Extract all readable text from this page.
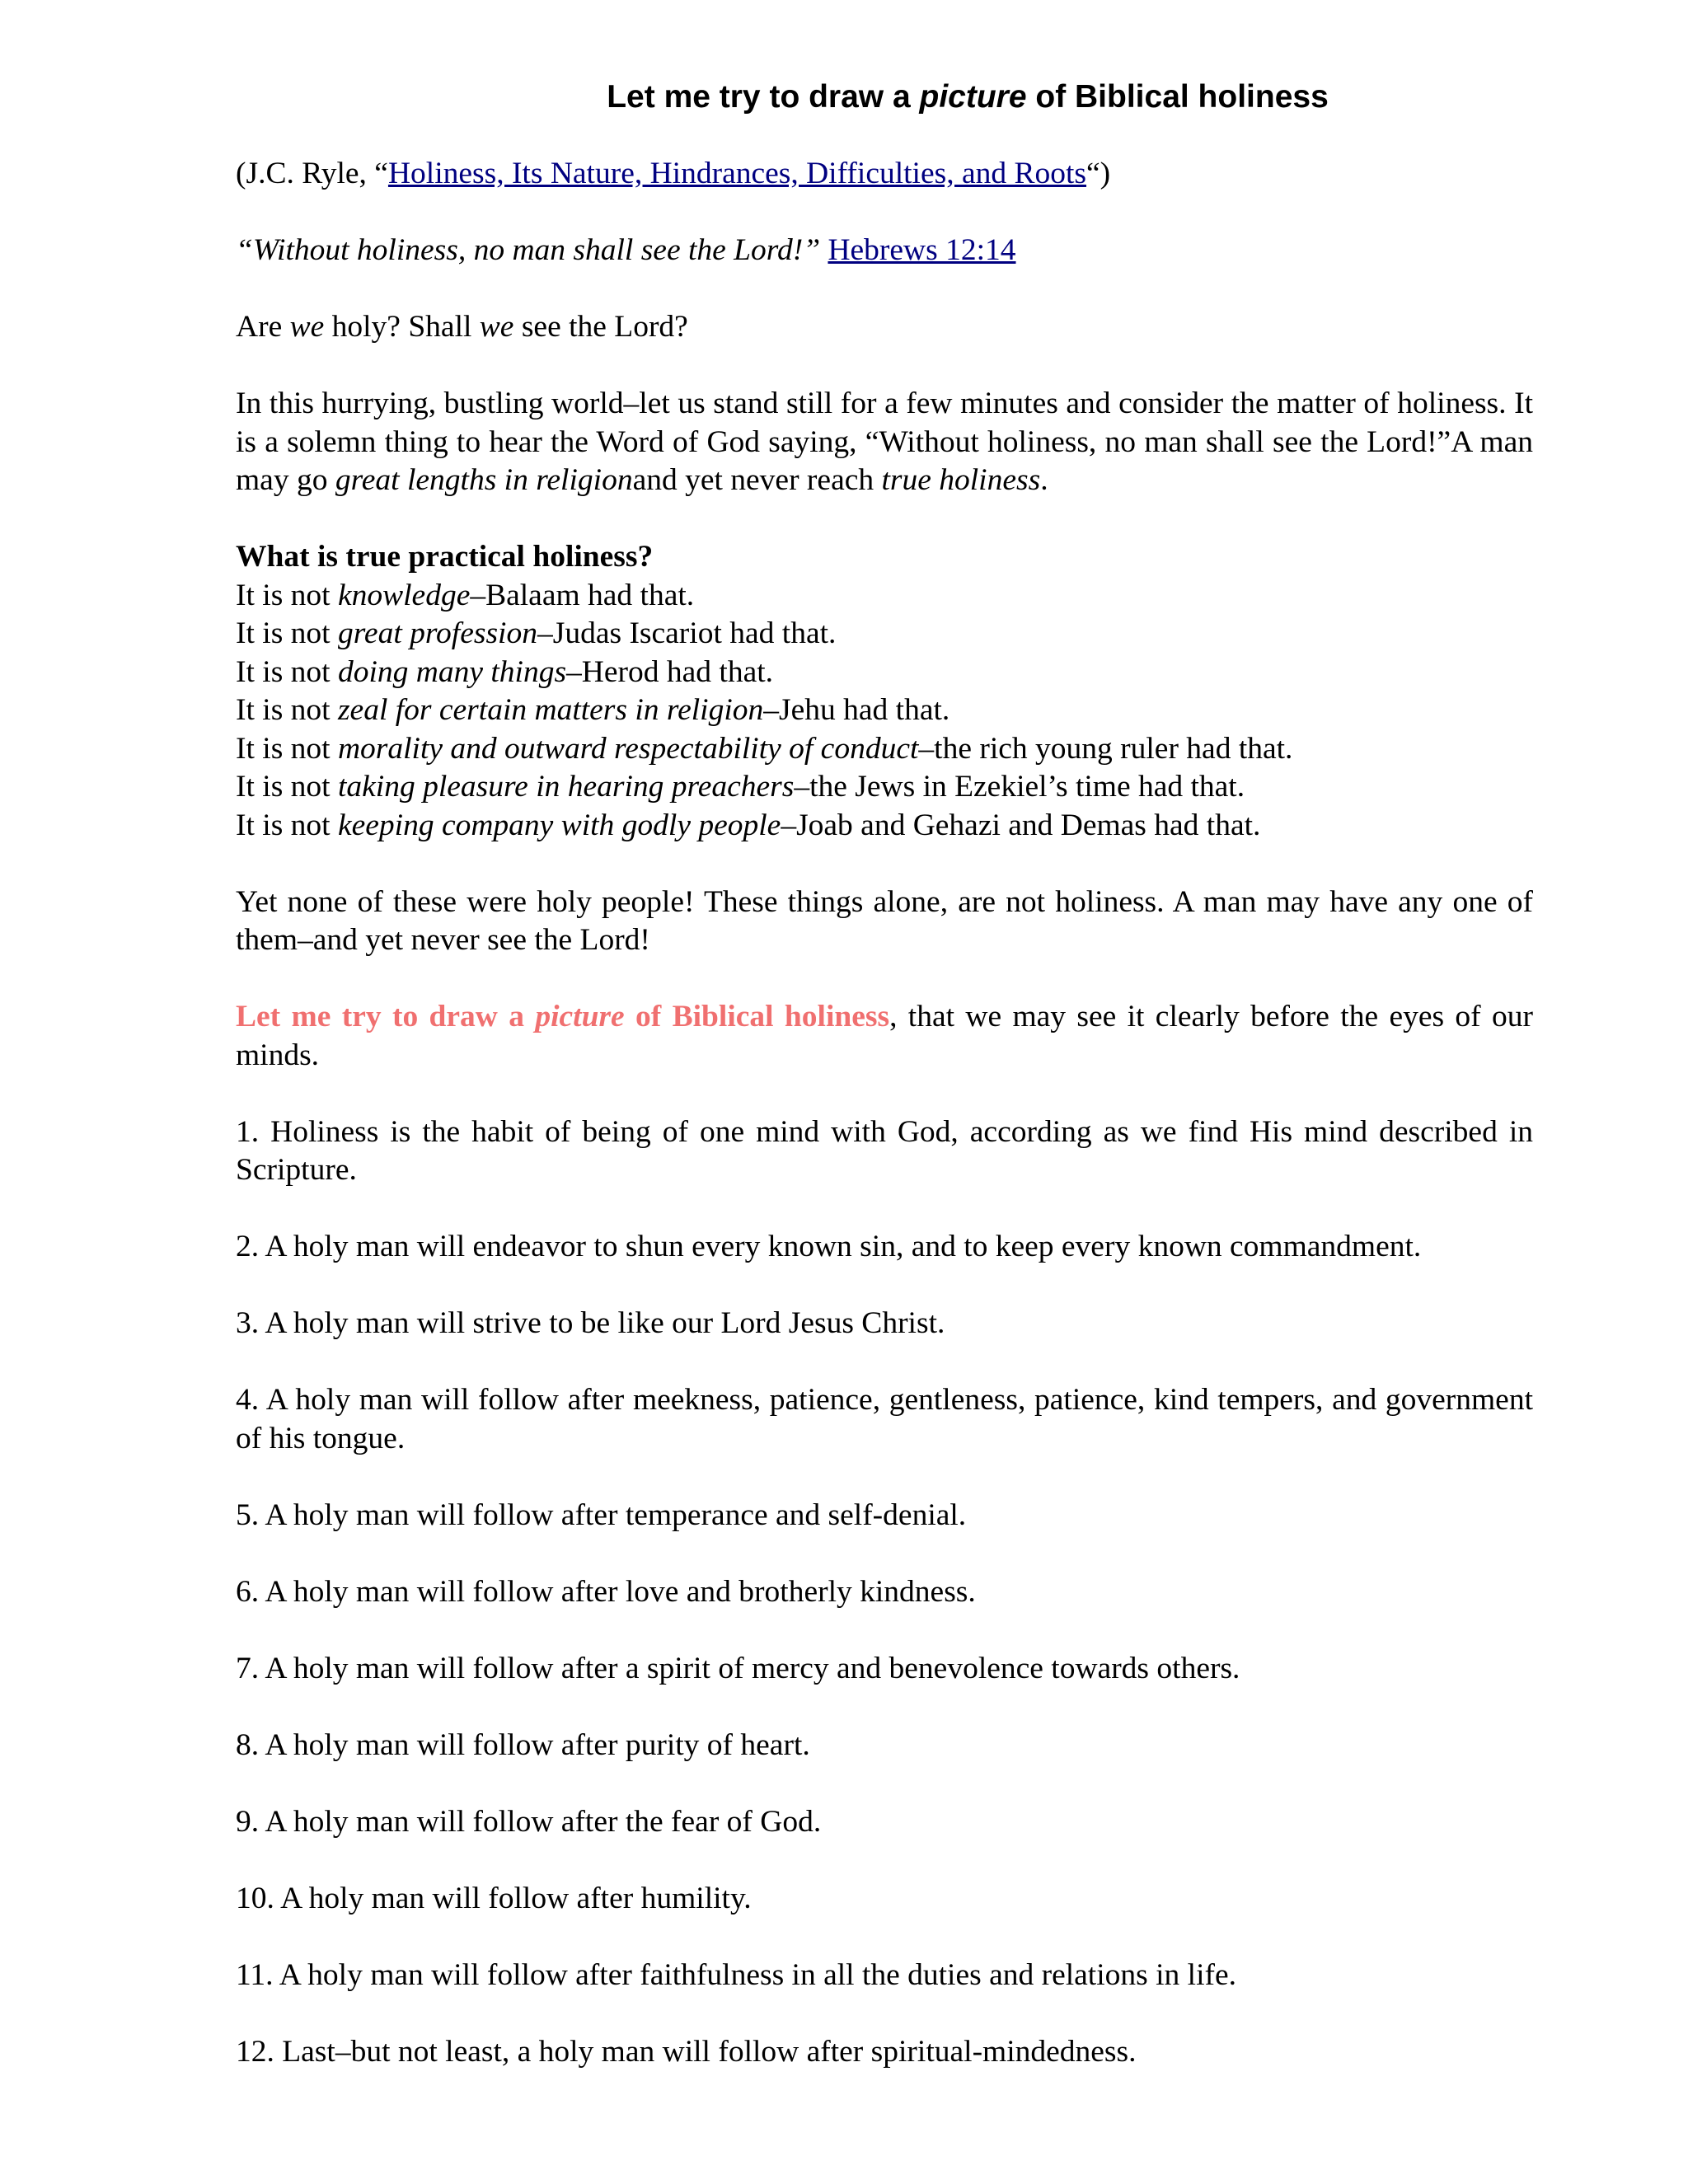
Let me try to draw a picture of Biblical holiness

(J.C. Ryle, “Holiness, Its Nature, Hindrances, Difficulties, and Roots“)

“Without holiness, no man shall see the Lord!” Hebrews 12:14

Are we holy? Shall we see the Lord?

In this hurrying, bustling world–let us stand still for a few minutes and consider the matter of holiness. It is a solemn thing to hear the Word of God saying, “Without holiness, no man shall see the Lord!”A man may go great lengths in religionand yet never reach true holiness.

What is true practical holiness?
It is not knowledge–Balaam had that.
It is not great profession–Judas Iscariot had that.
It is not doing many things–Herod had that.
It is not zeal for certain matters in religion–Jehu had that.
It is not morality and outward respectability of conduct–the rich young ruler had that.
It is not taking pleasure in hearing preachers–the Jews in Ezekiel’s time had that.
It is not keeping company with godly people–Joab and Gehazi and Demas had that.

Yet none of these were holy people! These things alone, are not holiness. A man may have any one of them–and yet never see the Lord!

Let me try to draw a picture of Biblical holiness, that we may see it clearly before the eyes of our minds.

1. Holiness is the habit of being of one mind with God, according as we find His mind described in Scripture.

2. A holy man will endeavor to shun every known sin, and to keep every known commandment.

3. A holy man will strive to be like our Lord Jesus Christ.

4. A holy man will follow after meekness, patience, gentleness, patience, kind tempers, and government of his tongue.

5. A holy man will follow after temperance and self-denial.

6. A holy man will follow after love and brotherly kindness.

7. A holy man will follow after a spirit of mercy and benevolence towards others.

8. A holy man will follow after purity of heart.

9. A holy man will follow after the fear of God.

10. A holy man will follow after humility.

11. A holy man will follow after faithfulness in all the duties and relations in life.

12. Last–but not least, a holy man will follow after spiritual-mindedness.
